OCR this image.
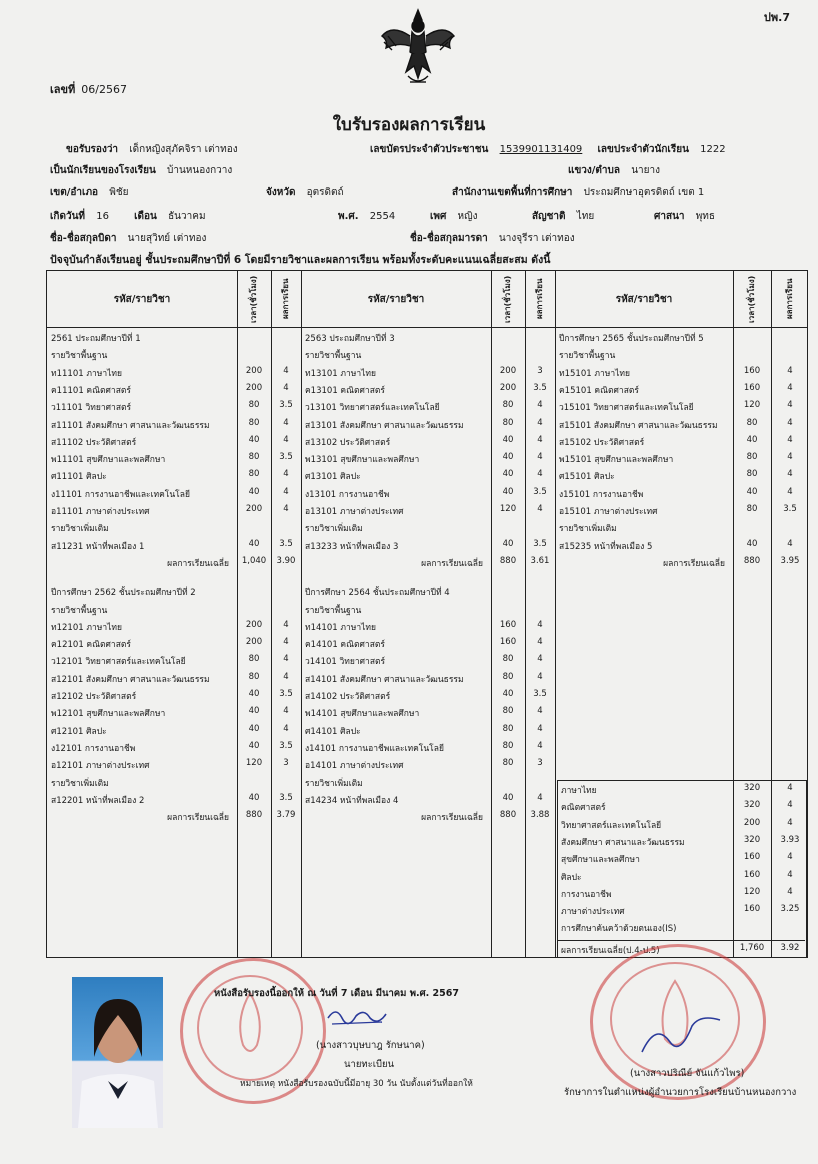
ปพ.7
เลขที่ 06/2567
ใบรับรองผลการเรียน
ขอรับรองว่า เด็กหญิงสุภัคจิรา เต่าทอง	เลขบัตรประจำตัวประชาชน 1539901131409 เลขประจำตัวนักเรียน 1222
เป็นนักเรียนของโรงเรียน บ้านหนองกวาง	แขวง/ตำบล นายาง
เขต/อำเภอ พิชัย	จังหวัด อุตรดิตถ์	สำนักงานเขตพื้นที่การศึกษา ประถมศึกษาอุตรดิตถ์ เขต 1
เกิดวันที่ 16	เดือน ธันวาคม	พ.ศ. 2554	เพศ หญิง	สัญชาติ ไทย	ศาสนา พุทธ
ชื่อ-ชื่อสกุลบิดา นายสุวิทย์ เต่าทอง	ชื่อ-ชื่อสกุลมารดา นางจุรีรา เต่าทอง
ปัจจุบันกำลังเรียนอยู่ ชั้นประถมศึกษาปีที่ 6 โดยมีรายวิชาและผลการเรียน พร้อมทั้งระดับคะแนนเฉลี่ยสะสม ดังนี้
รหัส/รายวิชา	เวลา(ชั่วโมง)	ผลการเรียน	รหัส/รายวิชา	เวลา(ชั่วโมง)	ผลการเรียน	รหัส/รายวิชา	เวลา(ชั่วโมง)	ผลการเรียน
2561 ประถมศึกษาปีที่ 1
รายวิชาพื้นฐาน
ท11101 ภาษาไทย	200	4
ค11101 คณิตศาสตร์	200	4
ว11101 วิทยาศาสตร์	80	3.5
ส11101 สังคมศึกษา ศาสนาและวัฒนธรรม	80	4
ส11102 ประวัติศาสตร์	40	4
พ11101 สุขศึกษาและพลศึกษา	80	3.5
ศ11101 ศิลปะ	80	4
ง11101 การงานอาชีพและเทคโนโลยี	40	4
อ11101 ภาษาต่างประเทศ	200	4
รายวิชาเพิ่มเติม
ส11231 หน้าที่พลเมือง 1	40	3.5
ผลการเรียนเฉลี่ย	1,040	3.90
ปีการศึกษา 2562 ชั้นประถมศึกษาปีที่ 2
รายวิชาพื้นฐาน
ท12101 ภาษาไทย	200	4
ค12101 คณิตศาสตร์	200	4
ว12101 วิทยาศาสตร์และเทคโนโลยี	80	4
ส12101 สังคมศึกษา ศาสนาและวัฒนธรรม	80	4
ส12102 ประวัติศาสตร์	40	3.5
พ12101 สุขศึกษาและพลศึกษา	40	4
ศ12101 ศิลปะ	40	4
ง12101 การงานอาชีพ	40	3.5
อ12101 ภาษาต่างประเทศ	120	3
รายวิชาเพิ่มเติม
ส12201 หน้าที่พลเมือง 2	40	3.5
ผลการเรียนเฉลี่ย	880	3.79
2563 ประถมศึกษาปีที่ 3
รายวิชาพื้นฐาน
ท13101 ภาษาไทย	200	3
ค13101 คณิตศาสตร์	200	3.5
ว13101 วิทยาศาสตร์และเทคโนโลยี	80	4
ส13101 สังคมศึกษา ศาสนาและวัฒนธรรม	80	4
ส13102 ประวัติศาสตร์	40	4
พ13101 สุขศึกษาและพลศึกษา	40	4
ศ13101 ศิลปะ	40	4
ง13101 การงานอาชีพ	40	3.5
อ13101 ภาษาต่างประเทศ	120	4
รายวิชาเพิ่มเติม
ส13233 หน้าที่พลเมือง 3	40	3.5
ผลการเรียนเฉลี่ย	880	3.61
ปีการศึกษา 2564 ชั้นประถมศึกษาปีที่ 4
รายวิชาพื้นฐาน
ท14101 ภาษาไทย	160	4
ค14101 คณิตศาสตร์	160	4
ว14101 วิทยาศาสตร์	80	4
ส14101 สังคมศึกษา ศาสนาและวัฒนธรรม	80	4
ส14102 ประวัติศาสตร์	40	3.5
พ14101 สุขศึกษาและพลศึกษา	80	4
ศ14101 ศิลปะ	80	4
ง14101 การงานอาชีพและเทคโนโลยี	80	4
อ14101 ภาษาต่างประเทศ	80	3
รายวิชาเพิ่มเติม
ส14234 หน้าที่พลเมือง 4	40	4
ผลการเรียนเฉลี่ย	880	3.88
ปีการศึกษา 2565 ชั้นประถมศึกษาปีที่ 5
รายวิชาพื้นฐาน
ท15101 ภาษาไทย	160	4
ค15101 คณิตศาสตร์	160	4
ว15101 วิทยาศาสตร์และเทคโนโลยี	120	4
ส15101 สังคมศึกษา ศาสนาและวัฒนธรรม	80	4
ส15102 ประวัติศาสตร์	40	4
พ15101 สุขศึกษาและพลศึกษา	80	4
ศ15101 ศิลปะ	80	4
ง15101 การงานอาชีพ	40	4
อ15101 ภาษาต่างประเทศ	80	3.5
รายวิชาเพิ่มเติม
ส15235 หน้าที่พลเมือง 5	40	4
ผลการเรียนเฉลี่ย	880	3.95
ภาษาไทย	320	4
คณิตศาสตร์	320	4
วิทยาศาสตร์และเทคโนโลยี	200	4
สังคมศึกษา ศาสนาและวัฒนธรรม	320	3.93
สุขศึกษาและพลศึกษา	160	4
ศิลปะ	160	4
การงานอาชีพ	120	4
ภาษาต่างประเทศ	160	3.25
การศึกษาค้นคว้าด้วยตนเอง(IS)
ผลการเรียนเฉลี่ย(ป.4-ป.5)	1,760	3.92
หนังสือรับรองนี้ออกให้ ณ วันที่ 7 เดือน มีนาคม พ.ศ. 2567
(นางสาวบุษบาฎ รักษนาค)
นายทะเบียน
หมายเหตุ หนังสือรับรองฉบับนี้มีอายุ 30 วัน นับตั้งแต่วันที่ออกให้
(นางสาวปริณีย์ จันแก้วไพร)
รักษาการในตำแหน่งผู้อำนวยการโรงเรียนบ้านหนองกวาง
